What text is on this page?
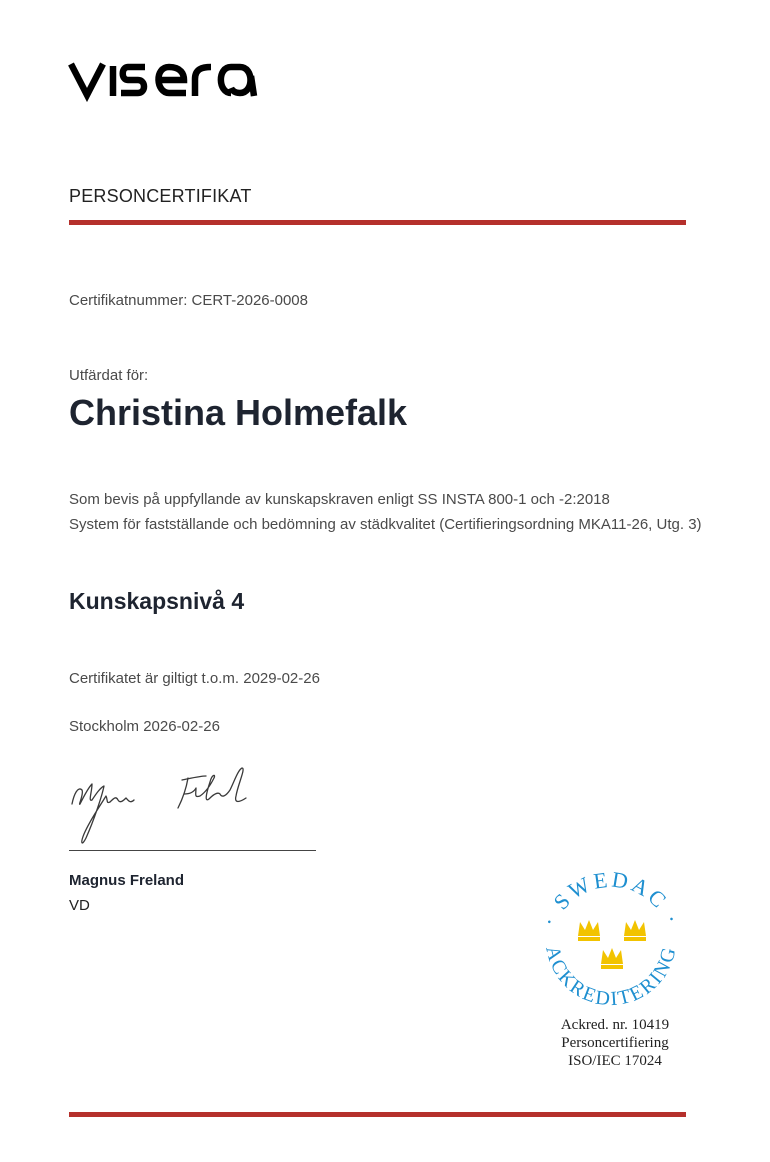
PERSONCERTIFIKAT
Certifikatnummer: CERT-2026-0008
Utfärdat för:
Christina Holmefalk
Som bevis på uppfyllande av kunskapskraven enligt SS INSTA 800-1 och -2:2018
System för fastställande och bedömning av städkvalitet (Certifieringsordning MKA11-26, Utg. 3)
Kunskapsnivå 4
Certifikatet är giltigt t.o.m. 2029-02-26
Stockholm 2026-02-26
Magnus Freland
VD
· SWEDAC ·
ACKREDITERING
Ackred. nr. 10419
Personcertifiering
ISO/IEC 17024
